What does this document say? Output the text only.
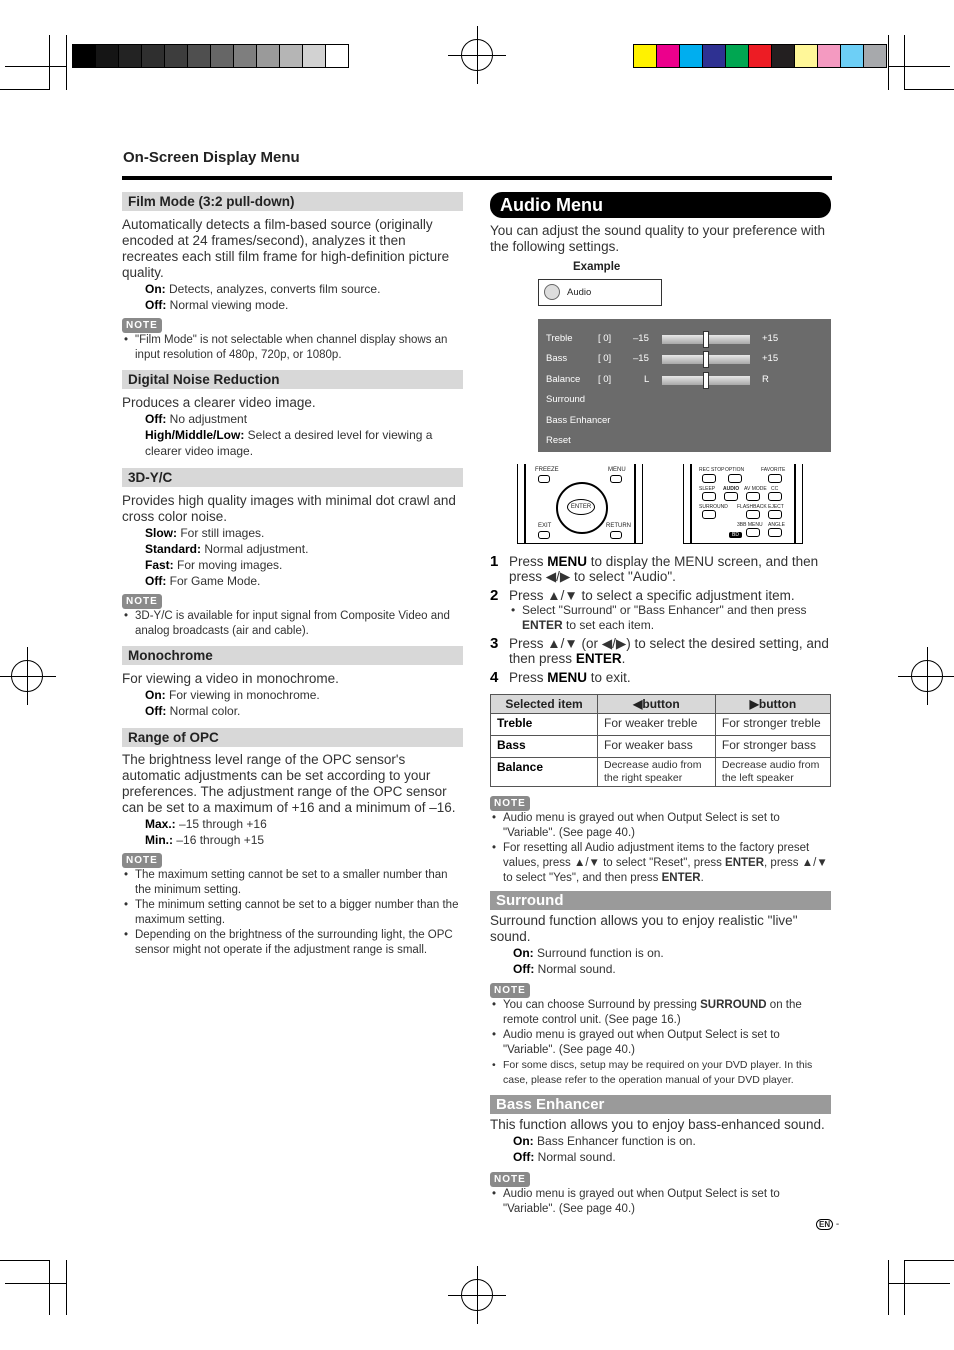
On-Screen Display Menu
Film Mode (3:2 pull-down)
Automatically detects a film-based source (originally encoded at 24 frames/second), analyzes it then recreates each still film frame for high-definition picture quality.
On: Detects, analyzes, converts film source.
Off: Normal viewing mode.
NOTE
• "Film Mode" is not selectable when channel display shows an input resolution of 480p, 720p, or 1080p.
Digital Noise Reduction
Produces a clearer video image.
Off: No adjustment
High/Middle/Low: Select a desired level for viewing a clearer video image.
3D-Y/C
Provides high quality images with minimal dot crawl and cross color noise.
Slow: For still images.
Standard: Normal adjustment.
Fast: For moving images.
Off: For Game Mode.
NOTE
• 3D-Y/C is available for input signal from Composite Video and analog broadcasts (air and cable).
Monochrome
For viewing a video in monochrome.
On: For viewing in monochrome.
Off: Normal color.
Range of OPC
The brightness level range of the OPC sensor's automatic adjustments can be set according to your preferences. The adjustment range of the OPC sensor can be set to a maximum of +16 and a minimum of –16.
Max.: –15 through +16
Min.: –16 through +15
NOTE
• The maximum setting cannot be set to a smaller number than the minimum setting.
• The minimum setting cannot be set to a bigger number than the maximum setting.
• Depending on the brightness of the surrounding light, the OPC sensor might not operate if the adjustment range is small.
Audio Menu
You can adjust the sound quality to your preference with the following settings.
Example
Audio
Treble	[ 0] –15	+15
Bass	[ 0] –15	+15
Balance [ 0]	L	R
Surround
Bass Enhancer
Reset
FREEZE	MENU
ENTER
EXIT	RETURN
REC STOP OPTION	FAVORITE
SLEEP AUDIO AV MODE CC
SURROUND FLASHBACK EJECT
3BB MENU ANGLE
BD
1 Press MENU to display the MENU screen, and then press ◀/▶ to select "Audio".
2 Press ▲/▼ to select a specific adjustment item.
• Select "Surround" or "Bass Enhancer" and then press ENTER to set each item.
3 Press ▲/▼ (or ◀/▶) to select the desired setting, and then press ENTER.
4 Press MENU to exit.
Selected item	◀button	▶button
Treble	For weaker treble	For stronger treble
Bass	For weaker bass	For stronger bass
Balance	Decrease audio from the right speaker	Decrease audio from the left speaker
NOTE
• Audio menu is grayed out when Output Select is set to "Variable". (See page 40.)
• For resetting all Audio adjustment items to the factory preset values, press ▲/▼ to select "Reset", press ENTER, press ▲/▼ to select "Yes", and then press ENTER.
Surround
Surround function allows you to enjoy realistic "live" sound.
On: Surround function is on.
Off: Normal sound.
NOTE
• You can choose Surround by pressing SURROUND on the remote control unit. (See page 16.)
• Audio menu is grayed out when Output Select is set to "Variable". (See page 40.)
• For some discs, setup may be required on your DVD player. In this case, please refer to the operation manual of your DVD player.
Bass Enhancer
This function allows you to enjoy bass-enhanced sound.
On: Bass Enhancer function is on.
Off: Normal sound.
NOTE
• Audio menu is grayed out when Output Select is set to "Variable". (See page 40.)
EN -
